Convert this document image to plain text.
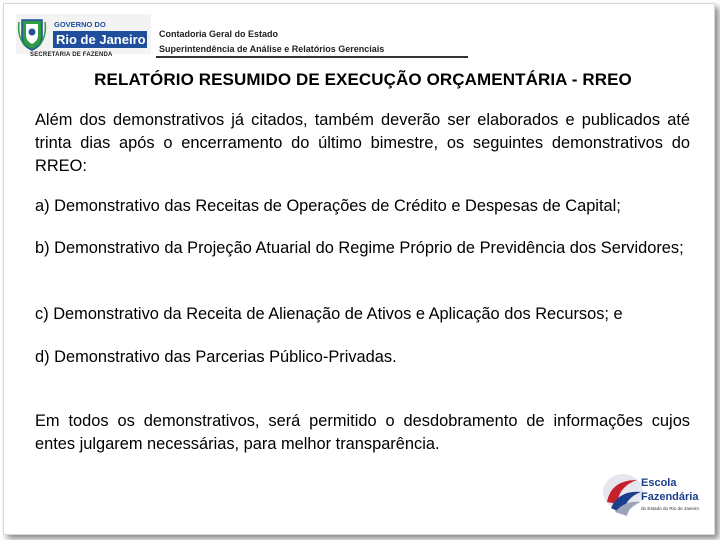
GOVERNO DO
Rio de Janeiro
SECRETARIA DE FAZENDA
Contadoria Geral do Estado
Superintendência de Análise e Relatórios Gerenciais
RELATÓRIO RESUMIDO DE EXECUÇÃO ORÇAMENTÁRIA - RREO
Além dos demonstrativos já citados, também deverão ser elaborados e publicados até trinta dias após o encerramento do último bimestre, os seguintes demonstrativos do RREO:
a) Demonstrativo das Receitas de Operações de Crédito e Despesas de Capital;
b) Demonstrativo da Projeção Atuarial do Regime Próprio de Previdência dos Servidores;
c) Demonstrativo da Receita de Alienação de Ativos e Aplicação dos Recursos; e
d) Demonstrativo das Parcerias Público-Privadas.
Em todos os demonstrativos, será permitido o desdobramento de informações cujos entes julgarem necessárias, para melhor transparência.
Escola
Fazendária
do Estado do Rio de Janeiro
